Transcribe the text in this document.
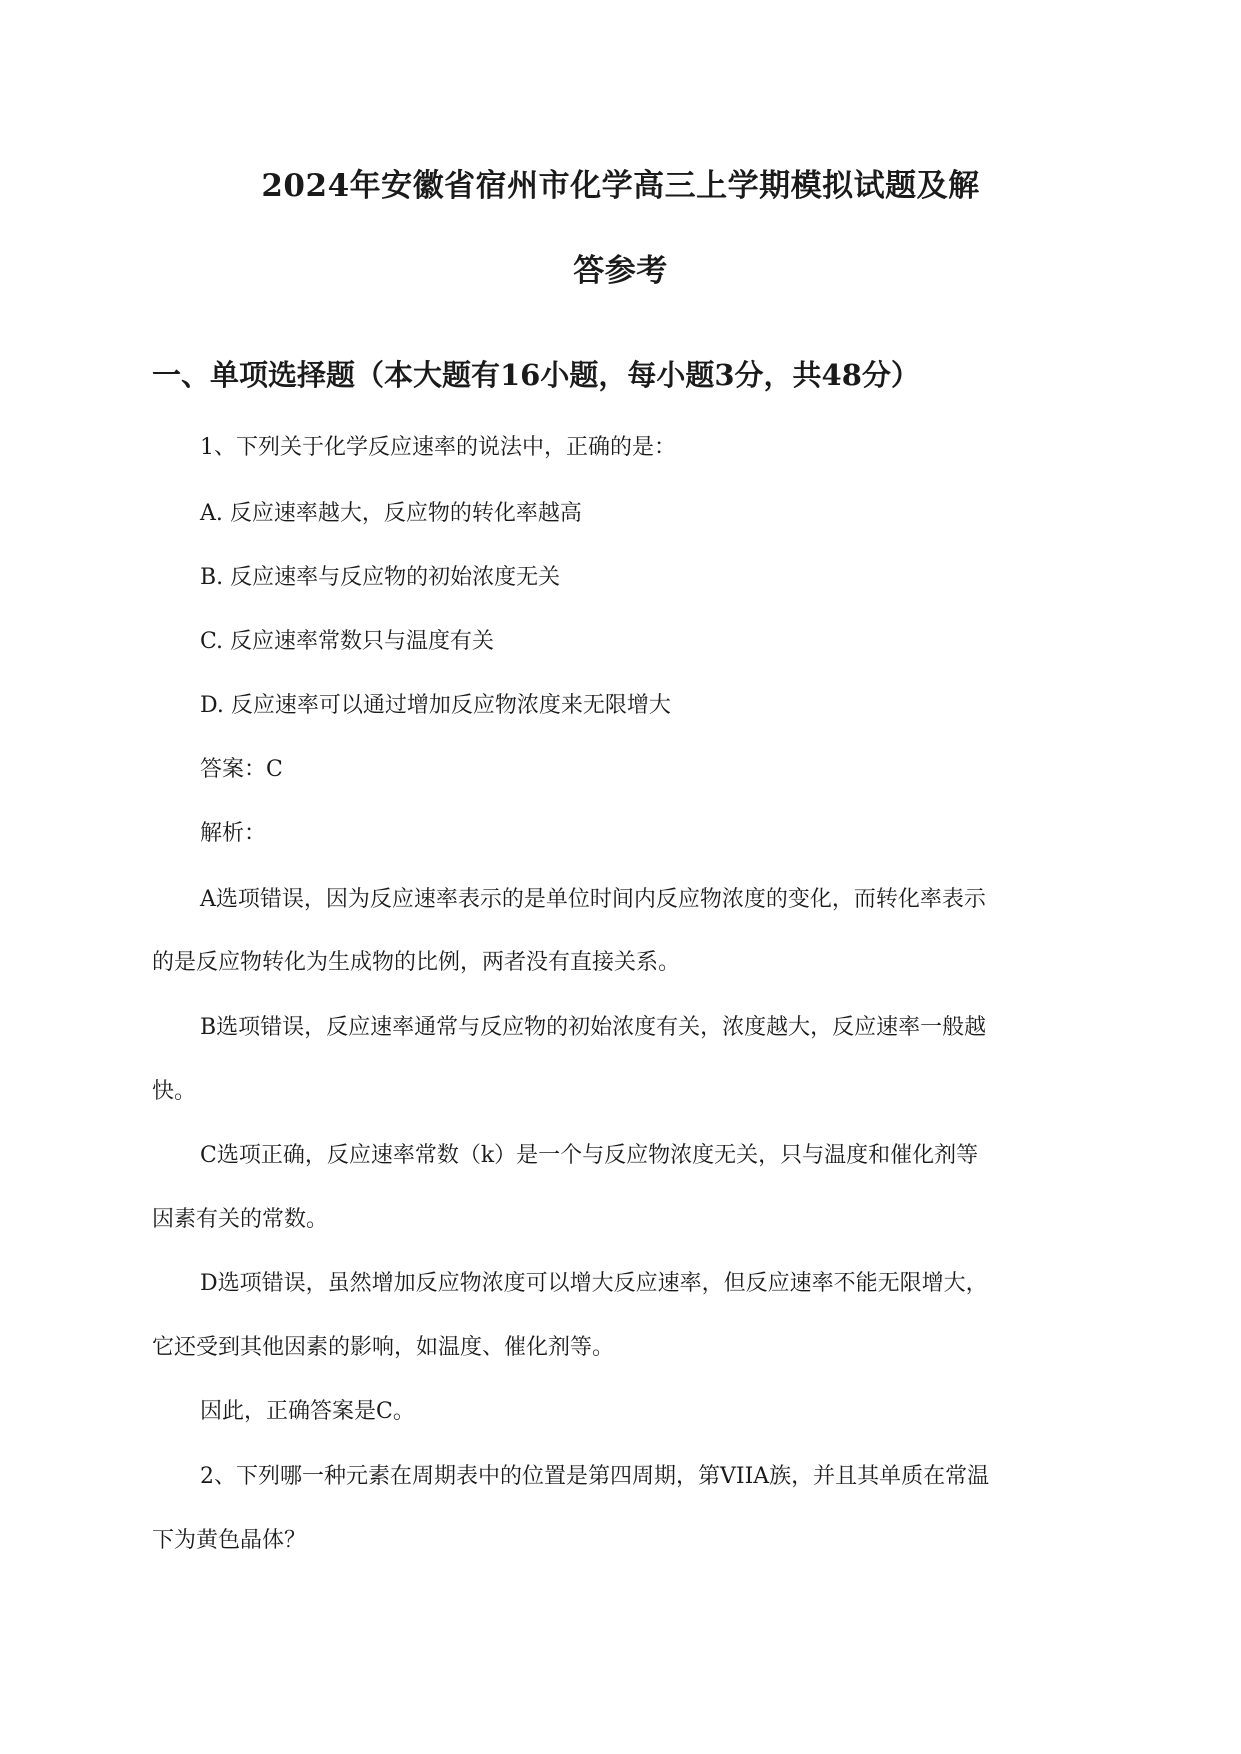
2024年安徽省宿州市化学高三上学期模拟试题及解
答参考
一、单项选择题（本大题有16小题，每小题3分，共48分）
1、下列关于化学反应速率的说法中，正确的是：
A. 反应速率越大，反应物的转化率越高
B. 反应速率与反应物的初始浓度无关
C. 反应速率常数只与温度有关
D. 反应速率可以通过增加反应物浓度来无限增大
答案：C
解析：
A选项错误，因为反应速率表示的是单位时间内反应物浓度的变化，而转化率表示
的是反应物转化为生成物的比例，两者没有直接关系。
B选项错误，反应速率通常与反应物的初始浓度有关，浓度越大，反应速率一般越
快。
C选项正确，反应速率常数（k）是一个与反应物浓度无关，只与温度和催化剂等
因素有关的常数。
D选项错误，虽然增加反应物浓度可以增大反应速率，但反应速率不能无限增大，
它还受到其他因素的影响，如温度、催化剂等。
因此，正确答案是C。
2、下列哪一种元素在周期表中的位置是第四周期，第VIIA族，并且其单质在常温
下为黄色晶体？
